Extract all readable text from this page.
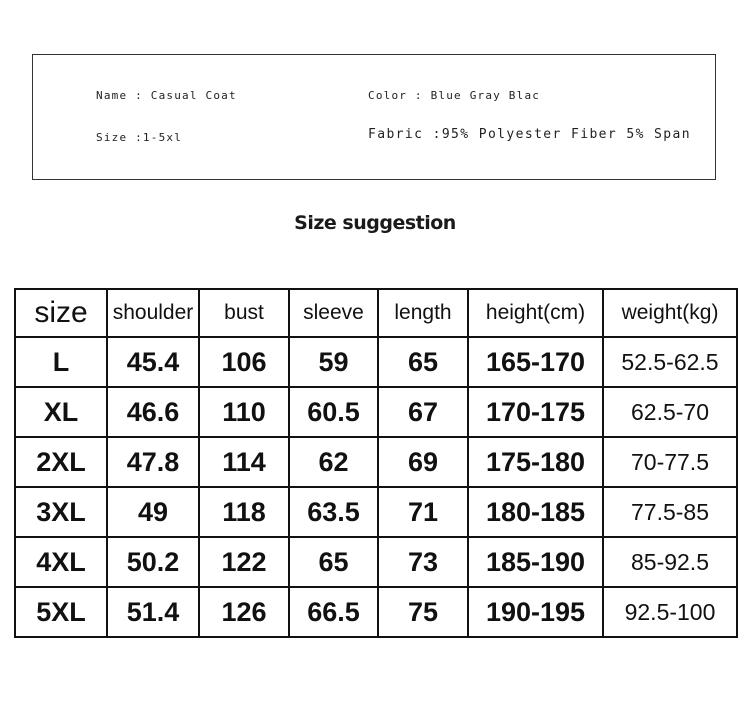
Name : Casual Coat	Color : Blue Gray Blac
Size :1-5xl	Fabric :95% Polyester Fiber 5% Span
Size suggestion
size	shoulder	bust	sleeve	length	height(cm)	weight(kg)
L	45.4	106	59	65	165-170	52.5-62.5
XL	46.6	110	60.5	67	170-175	62.5-70
2XL	47.8	114	62	69	175-180	70-77.5
3XL	49	118	63.5	71	180-185	77.5-85
4XL	50.2	122	65	73	185-190	85-92.5
5XL	51.4	126	66.5	75	190-195	92.5-100
